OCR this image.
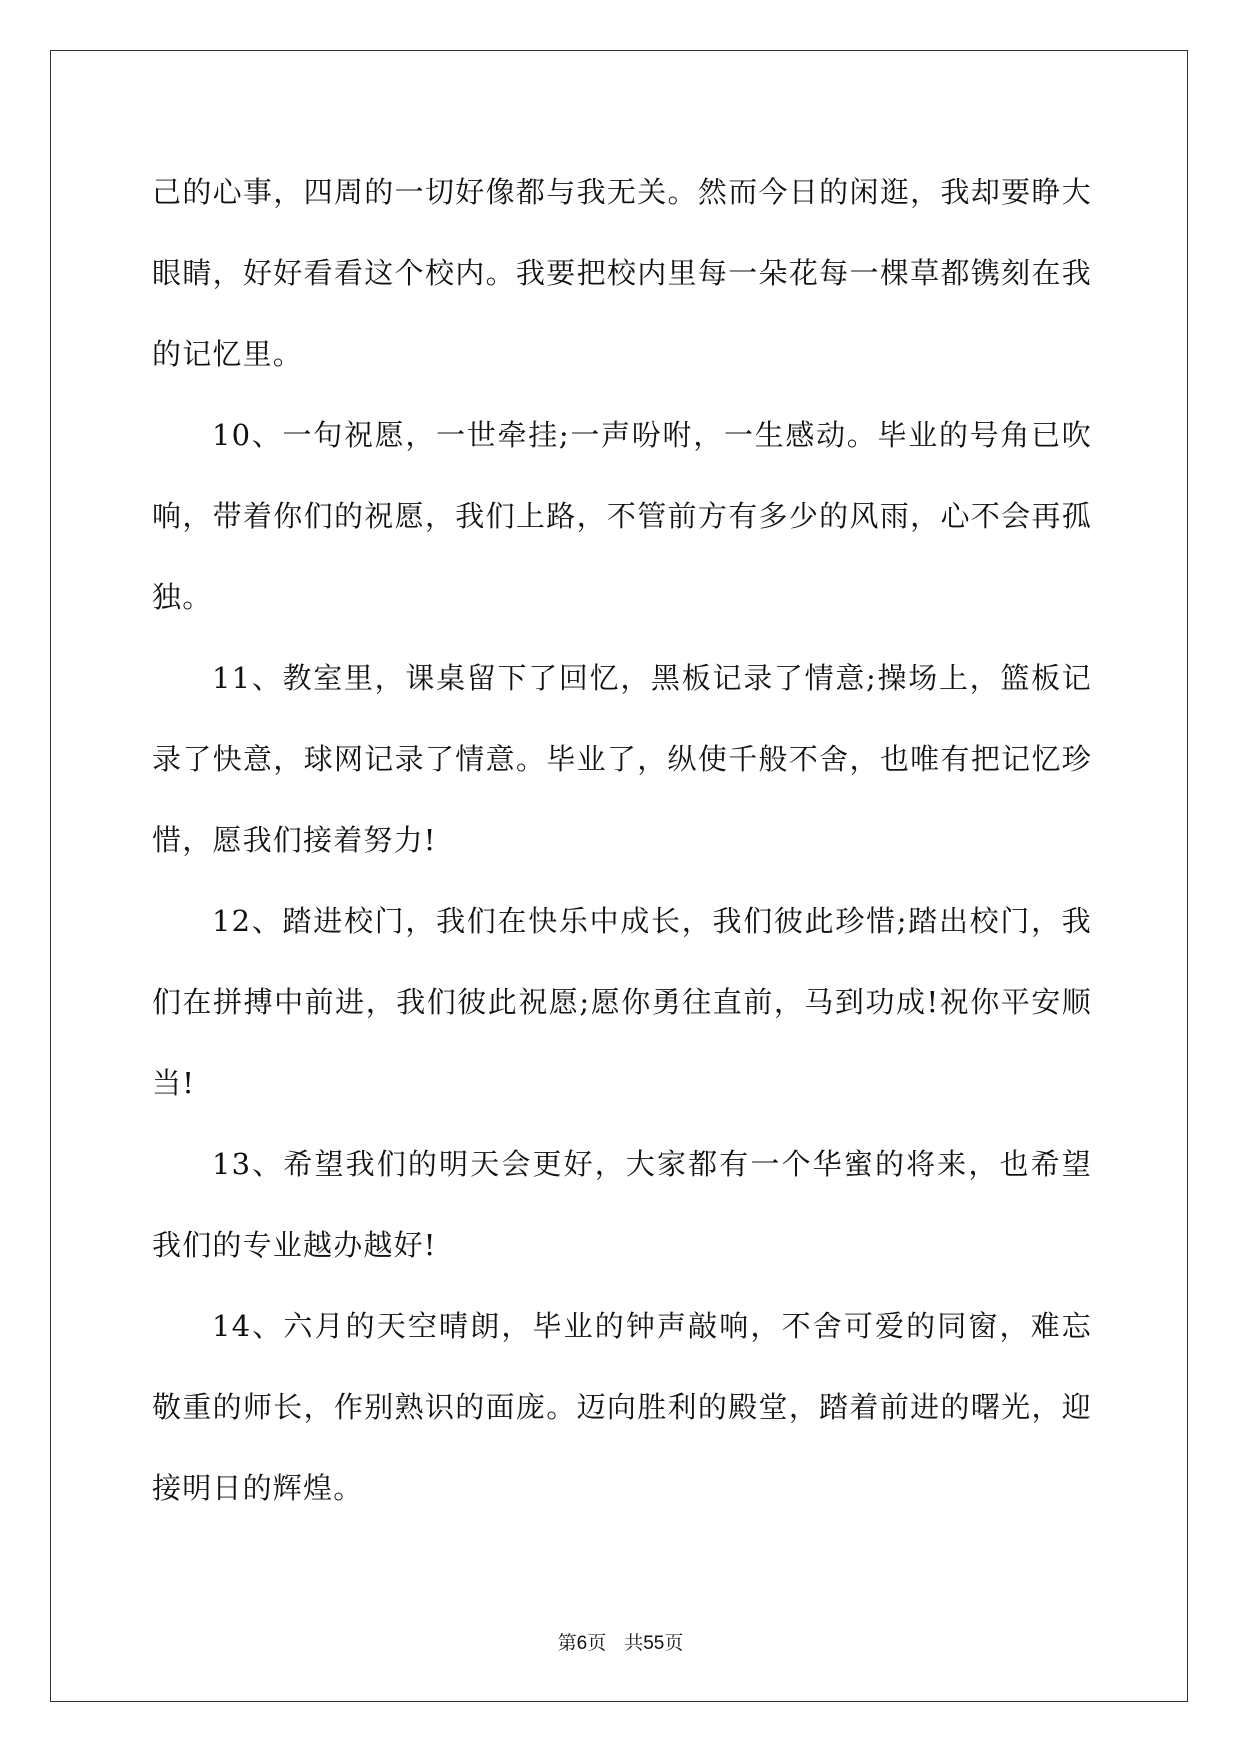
己的心事，四周的一切好像都与我无关。然而今日的闲逛，我却要睁大眼睛，好好看看这个校内。我要把校内里每一朵花每一棵草都镌刻在我的记忆里。

10、一句祝愿，一世牵挂;一声吩咐，一生感动。毕业的号角已吹响，带着你们的祝愿，我们上路，不管前方有多少的风雨，心不会再孤独。

11、教室里，课桌留下了回忆，黑板记录了情意;操场上，篮板记录了快意，球网记录了情意。毕业了，纵使千般不舍，也唯有把记忆珍惜，愿我们接着努力!

12、踏进校门，我们在快乐中成长，我们彼此珍惜;踏出校门，我们在拼搏中前进，我们彼此祝愿;愿你勇往直前，马到功成!祝你平安顺当!

13、希望我们的明天会更好，大家都有一个华蜜的将来，也希望我们的专业越办越好!

14、六月的天空晴朗，毕业的钟声敲响，不舍可爱的同窗，难忘敬重的师长，作别熟识的面庞。迈向胜利的殿堂，踏着前进的曙光，迎接明日的辉煌。

第6页 共55页
